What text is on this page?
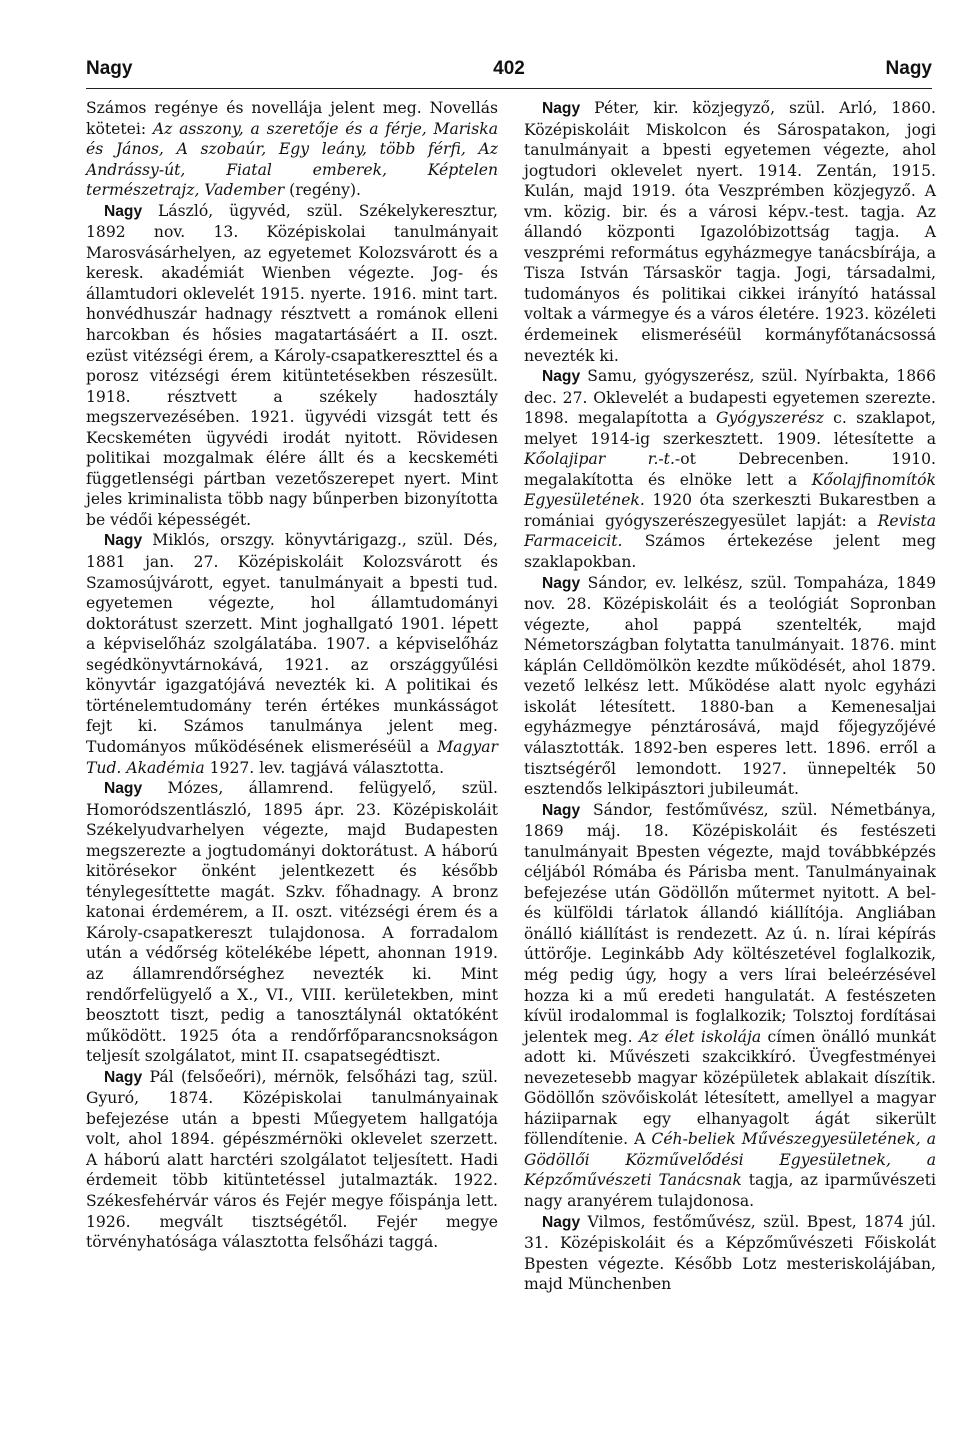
Nagy	402	Nagy

Számos regénye és novellája jelent meg. Novellás kötetei: Az asszony, a szeretője és a férje, Mariska és János, A szobaúr, Egy leány, több férfi, Az Andrássy-út, Fiatal emberek, Képtelen természetrajz, Vadember (regény).

Nagy László, ügyvéd, szül. Székelykeresztur, 1892 nov. 13. Középiskolai tanulmányait Marosvásárhelyen, az egyetemet Kolozsvárott és a keresk. akadémiát Wienben végezte. Jog- és államtudori oklevelét 1915. nyerte. 1916. mint tart. honvédhuszár hadnagy résztvett a románok elleni harcokban és hősies magatartásáért a II. oszt. ezüst vitézségi érem, a Károly-csapatkereszttel és a porosz vitézségi érem kitüntetésekben részesült. 1918. résztvett a székely hadosztály megszervezésében. 1921. ügyvédi vizsgát tett és Kecskeméten ügyvédi irodát nyitott. Rövidesen politikai mozgalmak élére állt és a kecskeméti függetlenségi pártban vezetőszerepet nyert. Mint jeles kriminalista több nagy bűnperben bizonyította be védői képességét.

Nagy Miklós, orszgy. könyvtárigazg., szül. Dés, 1881 jan. 27. Középiskoláit Kolozsvárott és Szamosújvárott, egyet. tanulmányait a bpesti tud. egyetemen végezte, hol államtudományi doktorátust szerzett. Mint joghallgató 1901. lépett a képviselőház szolgálatába. 1907. a képviselőház segédkönyvtárnokává, 1921. az országgyűlési könyvtár igazgatójává nevezték ki. A politikai és történelemtudomány terén értékes munkásságot fejt ki. Számos tanulmánya jelent meg. Tudományos működésének elismeréséül a Magyar Tud. Akadémia 1927. lev. tagjává választotta.

Nagy Mózes, államrend. felügyelő, szül. Homoródszentlászló, 1895 ápr. 23. Középiskoláit Székelyudvarhelyen végezte, majd Budapesten megszerezte a jogtudományi doktorátust. A háború kitörésekor önként jelentkezett és később ténylegesíttette magát. Szkv. főhadnagy. A bronz katonai érdemérem, a II. oszt. vitézségi érem és a Károly-csapatkereszt tulajdonosa. A forradalom után a védőrség kötelékébe lépett, ahonnan 1919. az államrendőrséghez nevezték ki. Mint rendőrfelügyelő a X., VI., VIII. kerületekben, mint beosztott tiszt, pedig a tanosztálynál oktatóként működött. 1925 óta a rendőrfőparancsnokságon teljesít szolgálatot, mint II. csapatsegédtiszt.

Nagy Pál (felsőeőri), mérnök, felsőházi tag, szül. Gyuró, 1874. Középiskolai tanulmányainak befejezése után a bpesti Műegyetem hallgatója volt, ahol 1894. gépészmérnöki oklevelet szerzett. A háború alatt harctéri szolgálatot teljesített. Hadi érdemeit több kitüntetéssel jutalmazták. 1922. Székesfehérvár város és Fejér megye főispánja lett. 1926. megvált tisztségétől. Fejér megye törvényhatósága választotta felsőházi taggá.

Nagy Péter, kir. közjegyző, szül. Arló, 1860. Középiskoláit Miskolcon és Sárospatakon, jogi tanulmányait a bpesti egyetemen végezte, ahol jogtudori oklevelet nyert. 1914. Zentán, 1915. Kulán, majd 1919. óta Veszprémben közjegyző. A vm. közig. bir. és a városi képv.-test. tagja. Az állandó központi Igazolóbizottság tagja. A veszprémi református egyházmegye tanácsbírája, a Tisza István Társaskör tagja. Jogi, társadalmi, tudományos és politikai cikkei irányító hatással voltak a vármegye és a város életére. 1923. közéleti érdemeinek elismeréséül kormányfőtanácsossá nevezték ki.

Nagy Samu, gyógyszerész, szül. Nyírbakta, 1866 dec. 27. Oklevelét a budapesti egyetemen szerezte. 1898. megalapította a Gyógyszerész c. szaklapot, melyet 1914-ig szerkesztett. 1909. létesítette a Kőolajipar r.-t.-ot Debrecenben. 1910. megalakította és elnöke lett a Kőolajfinomítók Egyesületének. 1920 óta szerkeszti Bukarestben a romániai gyógyszerészegyesület lapját: a Revista Farmaceicit. Számos értekezése jelent meg szaklapokban.

Nagy Sándor, ev. lelkész, szül. Tompaháza, 1849 nov. 28. Középiskoláit és a teológiát Sopronban végezte, ahol pappá szentelték, majd Németországban folytatta tanulmányait. 1876. mint káplán Celldömölkön kezdte működését, ahol 1879. vezető lelkész lett. Működése alatt nyolc egyházi iskolát létesített. 1880-ban a Kemenesaljai egyházmegye pénztárosává, majd főjegyzőjévé választották. 1892-ben esperes lett. 1896. erről a tisztségéről lemondott. 1927. ünnepelték 50 esztendős lelkipásztori jubileumát.

Nagy Sándor, festőművész, szül. Németbánya, 1869 máj. 18. Középiskoláit és festészeti tanulmányait Bpesten végezte, majd továbbképzés céljából Rómába és Párisba ment. Tanulmányainak befejezése után Gödöllőn műtermet nyitott. A bel- és külföldi tárlatok állandó kiállítója. Angliában önálló kiállítást is rendezett. Az ú. n. lírai képírás úttörője. Leginkább Ady költészetével foglalkozik, még pedig úgy, hogy a vers lírai beleérzésével hozza ki a mű eredeti hangulatát. A festészeten kívül irodalommal is foglalkozik; Tolsztoj fordításai jelentek meg. Az élet iskolája címen önálló munkát adott ki. Művészeti szakcikkíró. Üvegfestményei nevezetesebb magyar középületek ablakait díszítik. Gödöllőn szövőiskolát létesített, amellyel a magyar háziiparnak egy elhanyagolt ágát sikerült föllendítenie. A Céh-beliek Művészegyesületének, a Gödöllői Közművelődési Egyesületnek, a Képzőművészeti Tanácsnak tagja, az iparművészeti nagy aranyérem tulajdonosa.

Nagy Vilmos, festőművész, szül. Bpest, 1874 júl. 31. Középiskoláit és a Képzőművészeti Főiskolát Bpesten végezte. Később Lotz mesteriskolájában, majd Münchenben
